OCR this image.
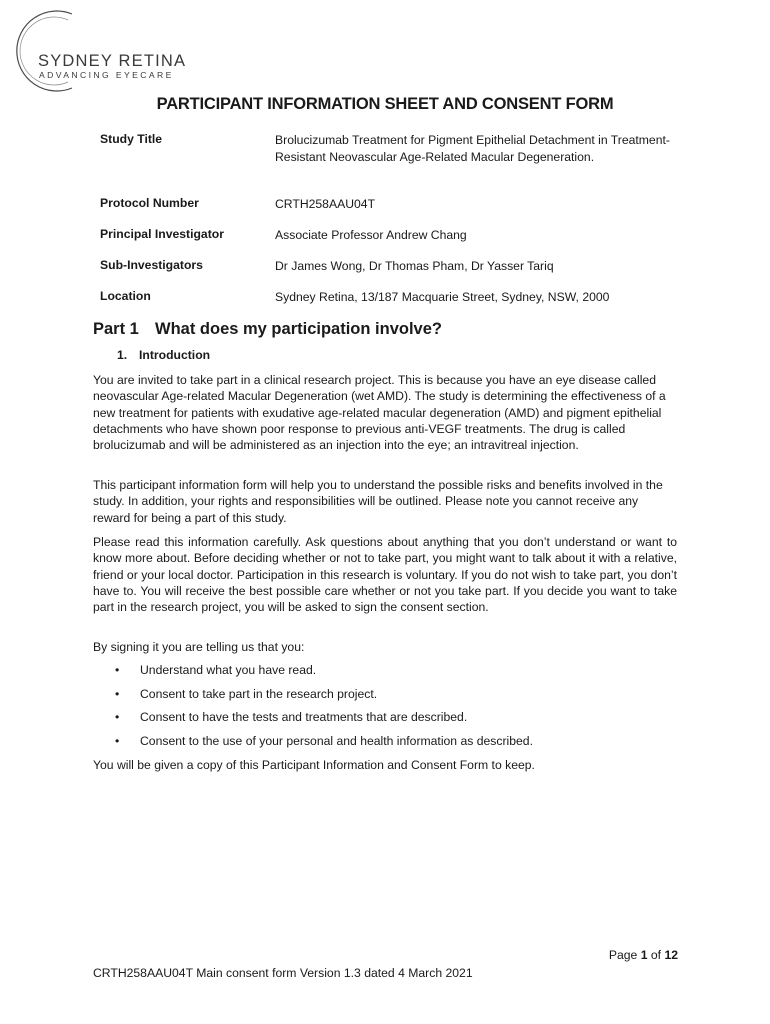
SYDNEY RETINA
ADVANCING EYECARE
PARTICIPANT INFORMATION SHEET AND CONSENT FORM
Study Title	Brolucizumab Treatment for Pigment Epithelial Detachment in Treatment-Resistant Neovascular Age-Related Macular Degeneration.
Protocol Number	CRTH258AAU04T
Principal Investigator	Associate Professor Andrew Chang
Sub-Investigators	Dr James Wong, Dr Thomas Pham, Dr Yasser Tariq
Location	Sydney Retina, 13/187 Macquarie Street, Sydney, NSW, 2000
Part 1 What does my participation involve?
1. Introduction
You are invited to take part in a clinical research project. This is because you have an eye disease called neovascular Age-related Macular Degeneration (wet AMD). The study is determining the effectiveness of a new treatment for patients with exudative age-related macular degeneration (AMD) and pigment epithelial detachments who have shown poor response to previous anti-VEGF treatments. The drug is called brolucizumab and will be administered as an injection into the eye; an intravitreal injection.
This participant information form will help you to understand the possible risks and benefits involved in the study. In addition, your rights and responsibilities will be outlined. Please note you cannot receive any reward for being a part of this study.
Please read this information carefully. Ask questions about anything that you don’t understand or want to know more about. Before deciding whether or not to take part, you might want to talk about it with a relative, friend or your local doctor. Participation in this research is voluntary. If you do not wish to take part, you don’t have to. You will receive the best possible care whether or not you take part. If you decide you want to take part in the research project, you will be asked to sign the consent section.
By signing it you are telling us that you:
• Understand what you have read.
• Consent to take part in the research project.
• Consent to have the tests and treatments that are described.
• Consent to the use of your personal and health information as described.
You will be given a copy of this Participant Information and Consent Form to keep.
Page 1 of 12
CRTH258AAU04T Main consent form Version 1.3 dated 4 March 2021
